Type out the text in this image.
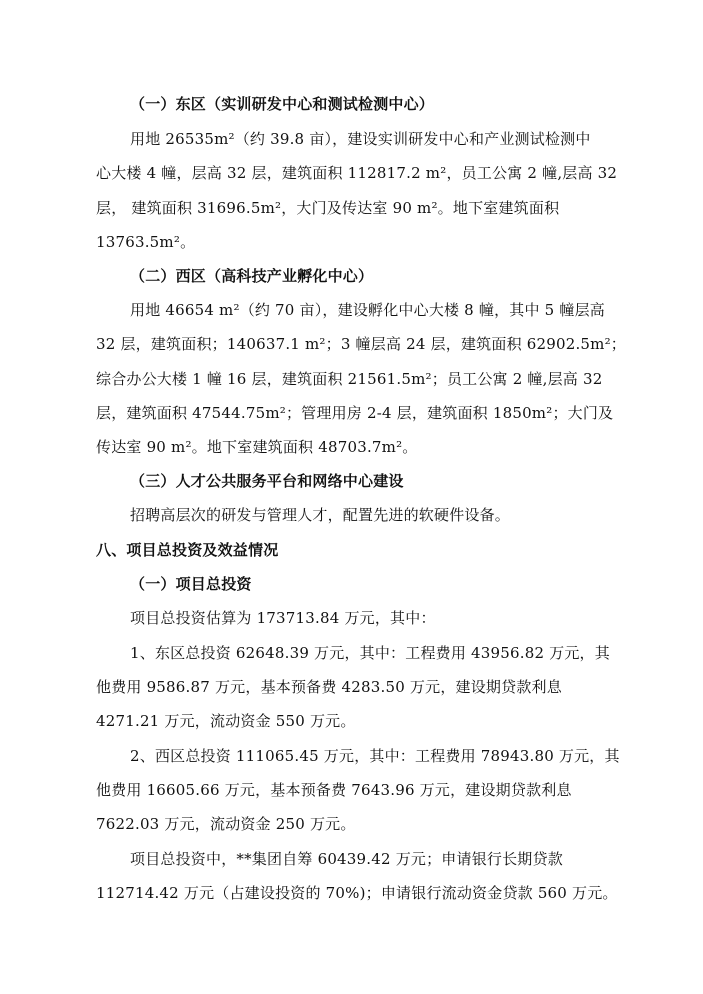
（一）东区（实训研发中心和测试检测中心）
用地 26535m²（约 39.8 亩），建设实训研发中心和产业测试检测中
心大楼 4 幢，层高 32 层，建筑面积 112817.2 m²，员工公寓 2 幢,层高 32
层， 建筑面积 31696.5m²，大门及传达室 90 m²。地下室建筑面积
13763.5m²。
（二）西区（高科技产业孵化中心）
用地 46654 m²（约 70 亩），建设孵化中心大楼 8 幢，其中 5 幢层高
32 层，建筑面积；140637.1 m²；3 幢层高 24 层，建筑面积 62902.5m²；
综合办公大楼 1 幢 16 层，建筑面积 21561.5m²；员工公寓 2 幢,层高 32
层，建筑面积 47544.75m²；管理用房 2-4 层，建筑面积 1850m²；大门及
传达室 90 m²。地下室建筑面积 48703.7m²。
（三）人才公共服务平台和网络中心建设
招聘高层次的研发与管理人才，配置先进的软硬件设备。
八、项目总投资及效益情况
（一）项目总投资
项目总投资估算为 173713.84 万元，其中：
1、东区总投资 62648.39 万元，其中：工程费用 43956.82 万元，其
他费用 9586.87 万元，基本预备费 4283.50 万元，建设期贷款利息
4271.21 万元，流动资金 550 万元。
2、西区总投资 111065.45 万元，其中：工程费用 78943.80 万元，其
他费用 16605.66 万元，基本预备费 7643.96 万元，建设期贷款利息
7622.03 万元，流动资金 250 万元。
项目总投资中，**集团自筹 60439.42 万元；申请银行长期贷款
112714.42 万元（占建设投资的 70%)；申请银行流动资金贷款 560 万元。
